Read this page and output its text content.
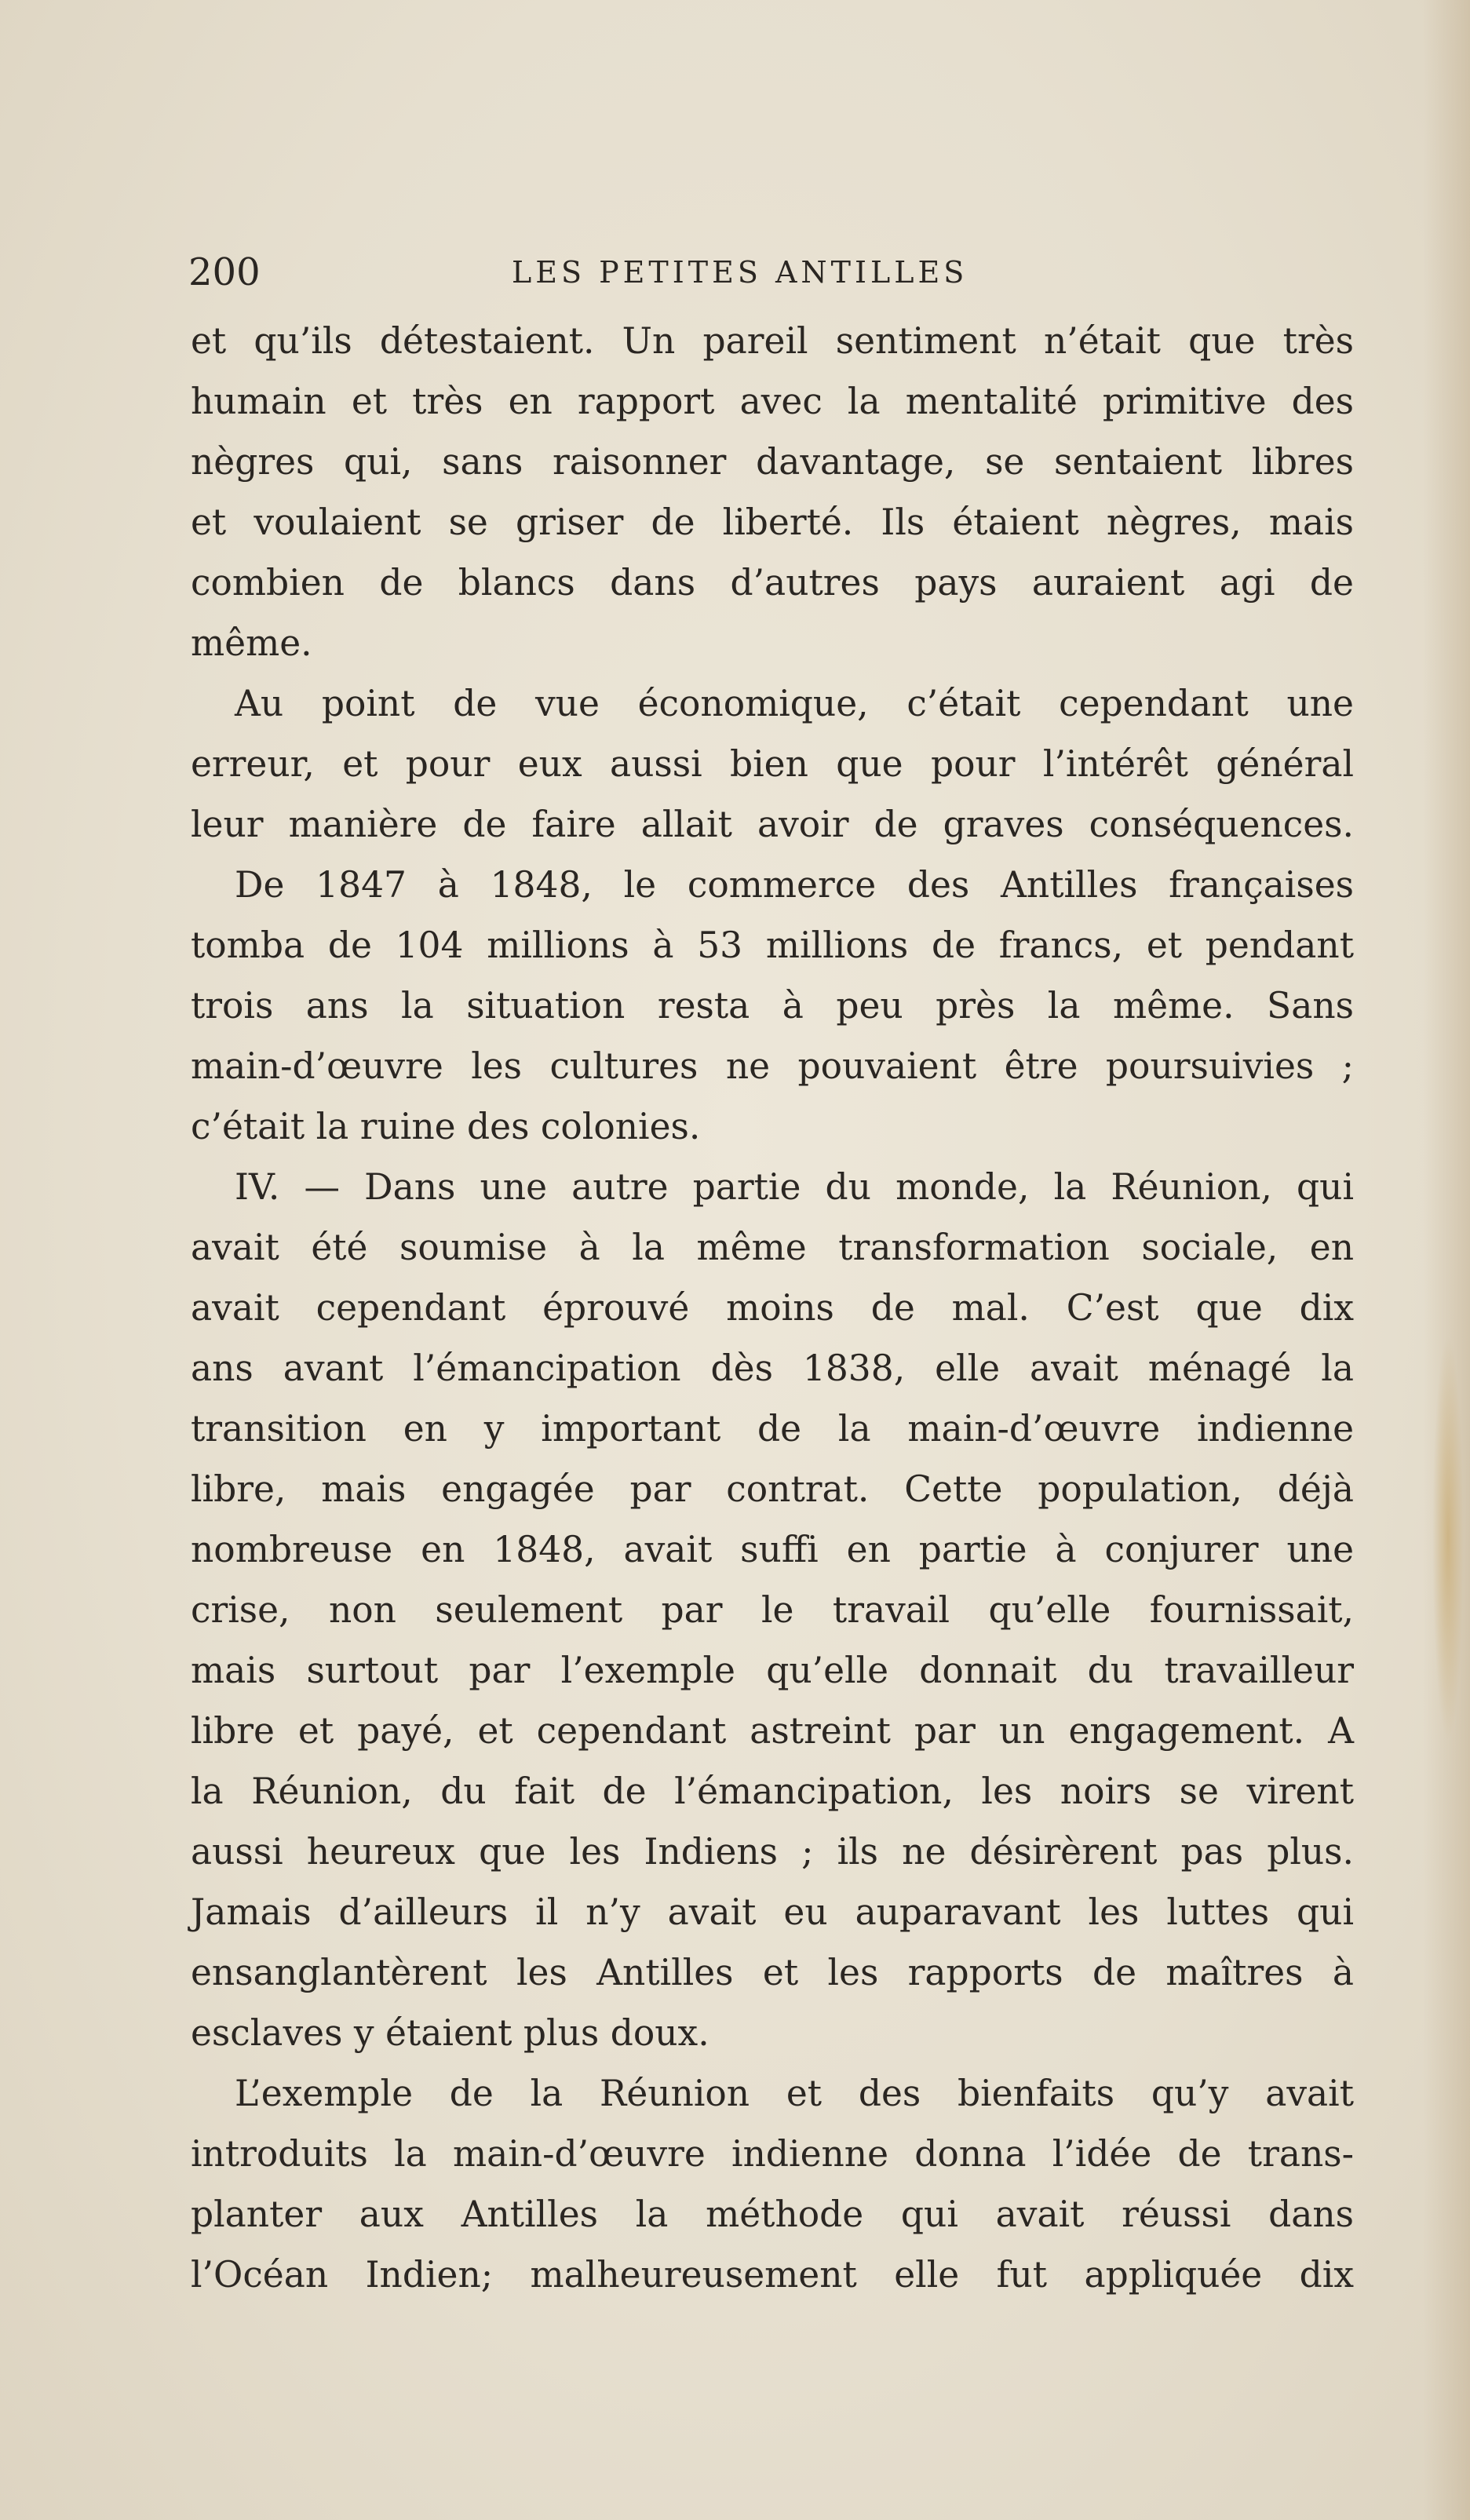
200	LES PETITES ANTILLES
et qu’ils détestaient. Un pareil sentiment n’était que très
humain et très en rapport avec la mentalité primitive des
nègres qui, sans raisonner davantage, se sentaient libres
et voulaient se griser de liberté. Ils étaient nègres, mais
combien de blancs dans d’autres pays auraient agi de
même.
Au point de vue économique, c’était cependant une
erreur, et pour eux aussi bien que pour l’intérêt général
leur manière de faire allait avoir de graves conséquences.
De 1847 à 1848, le commerce des Antilles françaises
tomba de 104 millions à 53 millions de francs, et pendant
trois ans la situation resta à peu près la même. Sans
main-d’œuvre les cultures ne pouvaient être poursuivies ;
c’était la ruine des colonies.
IV. — Dans une autre partie du monde, la Réunion, qui
avait été soumise à la même transformation sociale, en
avait cependant éprouvé moins de mal. C’est que dix
ans avant l’émancipation dès 1838, elle avait ménagé la
transition en y important de la main-d’œuvre indienne
libre, mais engagée par contrat. Cette population, déjà
nombreuse en 1848, avait suffi en partie à conjurer une
crise, non seulement par le travail qu’elle fournissait,
mais surtout par l’exemple qu’elle donnait du travailleur
libre et payé, et cependant astreint par un engagement. A
la Réunion, du fait de l’émancipation, les noirs se virent
aussi heureux que les Indiens ; ils ne désirèrent pas plus.
Jamais d’ailleurs il n’y avait eu auparavant les luttes qui
ensanglantèrent les Antilles et les rapports de maîtres à
esclaves y étaient plus doux.
L’exemple de la Réunion et des bienfaits qu’y avait
introduits la main-d’œuvre indienne donna l’idée de trans-
planter aux Antilles la méthode qui avait réussi dans
l’Océan Indien; malheureusement elle fut appliquée dix
